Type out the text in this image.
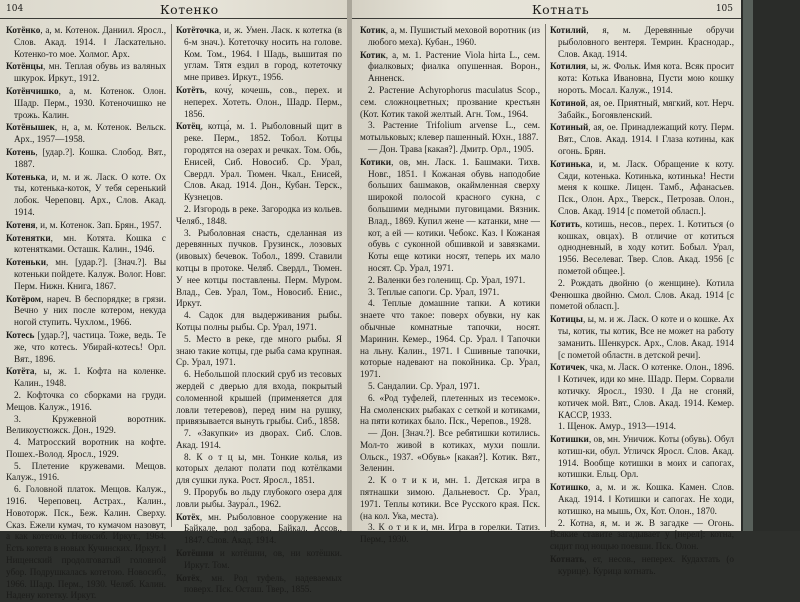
104	Котенко

Котёнко, а, м. Котенок. Даниил. Яросл., Слов. Акад. 1914. ‖ Ласкательно. Котенко-то мое. Холмог. Арх.

Котёнцы, мн. Теплая обувь из валяных шкурок. Иркут., 1912.

Котёнчишко, а, м. Котенок. Олон. Шадр. Перм., 1930. Котеночишко не трожь. Калин.

Котёнышек, н, а, м. Котенок. Вельск. Арх., 1957—1958.

Котень, [удар.?]. Кошка. Слобод. Вят., 1887.

Котенька, и, м. и ж. Ласк. О коте. Ох ты, котенька-коток, У тебя серенький лобок. Череповц. Арх., Слов. Акад. 1914.

Котеня, и, м. Котенок. Зап. Брян., 1957.

Котенятки, мн. Котята. Кошка с котенятками. Осташк. Калин., 1946.

Котеньки, мн. [удар.?]. [Знач.?]. Вы котеньки пойдете. Калуж. Волог. Новг. Перм. Нижн. Книга, 1867.

Котёром, нареч. В беспорядке; в грязи. Вечно у них после котером, некуда ногой ступить. Чухлом., 1966.

Котесь [удар.?], частица. Тоже, ведь. Те же, что котесь. Убирай-котесь! Орл. Вят., 1896.

Котёта, ы, ж. 1. Кофта на коленке. Калин., 1948.

2. Кофточка со сборками на груди. Мещов. Калуж., 1916.

3. Кружевной воротник. Великоустюжск. Дон., 1929.

4. Матросский воротник на кофте. Пошех.-Волод. Яросл., 1929.

5. Плетение кружевами. Мещов. Калуж., 1916.

6. Головной платок. Мещов. Калуж., 1916. Череповец. Астрах., Калин., Новоторж. Пск., Беж. Калин. Сверху. Сказ. Ежели кумач, то кумачом назовут, а как котетою. Новосиб. Иркут., 1964. Есть котета в новых Кучинских. Иркут. ‖ Нищенский продолговатый головной убор. Подрушкалась котетою. Новосиб., 1966. Шадр. Перм., 1930. Челяб. Калин. Надену котетку. Иркут.

Котёточка, и, ж. Умен. Ласк. к котетка (в 6-м знач.). Котеточку носить на голове. Ком. Том., 1964. ‖ Шадь, вышитая по углам. Тятя ездил в город, котеточку мне привез. Иркут., 1956.

Котёть, кочу́, кочешь, сов., перех. и неперех. Хотеть. Олон., Шадр. Перм., 1856.

Котёц, котца́, м. 1. Рыболовный щит в реке. Перм., 1852. Тобол. Котцы городятся на озерах и речках. Том. Обь, Енисей, Сиб. Новосиб. Ср. Урал, Свердл. Урал. Тюмен. Чкал., Енисей, Слов. Акад. 1914. Дон., Кубан. Терск., Кузнецов.

2. Изгородь в реке. Загородка из кольев. Челяб., 1848.

3. Рыболовная снасть, сделанная из деревянных пучков. Грузинск., лозовых (ивовых) бечевок. Тобол., 1899. Ставили котцы в протоке. Челяб. Свердл., Тюмен. У нее котцы поставлены. Перм. Муром. Влад., Сев. Урал, Том., Новосиб. Енис., Иркут.

4. Садок для выдерживания рыбы. Котцы полны рыбы. Ср. Урал, 1971.

5. Место в реке, где много рыбы. Я знаю такие котцы, где рыба сама крупная. Ср. Урал, 1971.

6. Небольшой плоский сруб из тесовых жердей с дверью для входа, покрытый соломенной крышей (применяется для ловли тетеревов), перед ним на рушку, привязывается вынуть грыбы. Сиб., 1858.

7. «Закупки» из дворах. Сиб. Слов. Акад. 1914.

8. К о т ц ы, мн. Тонкие колья, из которых делают полати под котёлками для сушки лука. Рост. Яросл., 1851.

9. Прорубь во льду глубокого озера для ловли рыбы. Заура́л., 1962.

Котёх, мн. Рыболовное сооружение на Байкале, род забора. Байкал. Ассов., 1847. Слов. Акад. 1914.

Котёшни и котёшни, ов, ни котёшки. Иркут. Том.

Котёх, мн. Род туфель, надеваемых поверх. Пск. Осташ. Твер., 1855.

Котнать	105

Котик, а, м. Пушистый меховой воротник (из любого меха). Кубан., 1960.

Котик, а, м. 1. Растение Viola hirta L., сем. фиалковых; фиалка опушенная. Ворон., Анненск.

2. Растение Achyrophorus maculatus Scop., сем. сложноцветных; прозвание крестьян (Кот. Котик такой желтый. Агн. Том., 1964.

3. Растение Trifolium arvense L., сем. мотыльковых; клевер пашенный. Юхн., 1887.

— Дон. Трава [какая?]. Дмитр. Орл., 1905.

Котики, ов, мн. Ласк. 1. Башмаки. Тихв. Новг., 1851. ‖ Кожаная обувь наподобие больших башмаков, окаймленная сверху широкой полосой красного сукна, с большими медными пуговицами. Вязник. Влад., 1869. Купил жене — катанки, мне — кот, а ей — котики. Чебокс. Каз. ‖ Кожаная обувь с суконной обшивкой и завязками. Коты еще котики носят, теперь их мало носят. Ср. Урал, 1971.

2. Валенки без голенищ. Ср. Урал, 1971.

3. Теплые сапоги. Ср. Урал, 1971.

4. Теплые домашние тапки. А котики знаете что такое: поверх обувки, ну как обычные комнатные тапочки, носят. Маринин. Кемер., 1964. Ср. Урал. ‖ Тапочки на льну. Калин., 1971. ‖ Сшивные тапочки, которые надевают на покойника. Ср. Урал, 1971.

5. Сандалии. Ср. Урал, 1971.

6. «Род туфелей, плетенных из тесемок». На смоленских рыбаках с сеткой и котиками, на пяти котиках было. Пск., Черепов., 1928.

— Дон. [Знач.?]. Все ребятишки котились. Мол-то живой в котиках, мухи пошли. Ольск., 1937. «Обувь» [какая?]. Котик. Вят., Зеленин.

2. К о т и к и, мн. 1. Детская игра в пятнашки зимою. Дальневост. Ср. Урал, 1971. Теплы котики. Все Русского края. Пск. (на кол. Ука, места).

3. К о т и к и, мн. Игра в горелки. Татиз. Перм., 1930.

Котилий, я, м. Деревянные обручи рыболовного вентеря. Темрин. Краснодар., Слов. Акад. 1914.

Котилия, ы, ж. Фольк. Имя кота. Всяк просит кота: Котька Ивановна, Пусти мою кошку нороть. Мосал. Калуж., 1914.

Котиной, ая, ое. Приятный, мягкий, кот. Нерч. Забайк., Богоявленский.

Котиный, ая, ое. Принадлежащий коту. Перм. Вят., Слов. Акад. 1914. ‖ Глаза котины, как огонь. Брян.

Котинька, и, м. Ласк. Обращение к коту. Сяди, котенька. Котинька, котинька! Нести меня к кошке. Лицен. Тамб., Афанасьев. Пск., Олон. Арх., Тверск., Петрозав. Олон., Слов. Акад. 1914 [с пометой обласп.].

Котить, котишь, несов., перех. 1. Котиться (о кошках, овцах). В отличие от котиться однодневный, в ходу котит. Бобыл. Урал, 1956. Веселеваг. Твер. Слов. Акад. 1956 [с пометой общее.].

2. Рождать двойню (о женщине). Котила Фенюшка двойню. Смол. Слов. Акад. 1914 [с пометой обласп.].

Котицы, ы, м. и ж. Ласк. О коте и о кошке. Ах ты, котик, ты котик, Все не может на работу заманить. Шенкурск. Арх., Слов. Акад. 1914 [с пометой областн. в детской речи].

Котичек, чка, м. Ласк. О котенке. Олон., 1896. ‖ Котичек, иди ко мне. Шадр. Перм. Сорвали котичку. Яросл., 1930. ‖ Да не сгоняй, котичек мой. Вят., Слов. Акад. 1914. Кемер. КАССР, 1933.

1. Щенок. Амур., 1913—1914.

Котишки, ов, мн. Уничиж. Коты (обувь). Обул котиш-ки, обул. Угличск Яросл. Слов. Акад. 1914. Вообще котишки в моих и сапогах, котишки. Ельц. Орл.

Котишко, а, м. и ж. Кошка. Камен. Слов. Акад. 1914. ‖ Котишки и сапогах. Не ходи, котишко, на мышь, Ох, Кот. Олон., 1870.

2. Котна, я, м. и ж. В загадке — Огонь. Всякие ставите загадывает у [нерел]: котна, сидит под нощью поевши. Пск. Олон.

Котнать, ет, несов., неперех. Кудахтать (о курице). Курица котнать.
